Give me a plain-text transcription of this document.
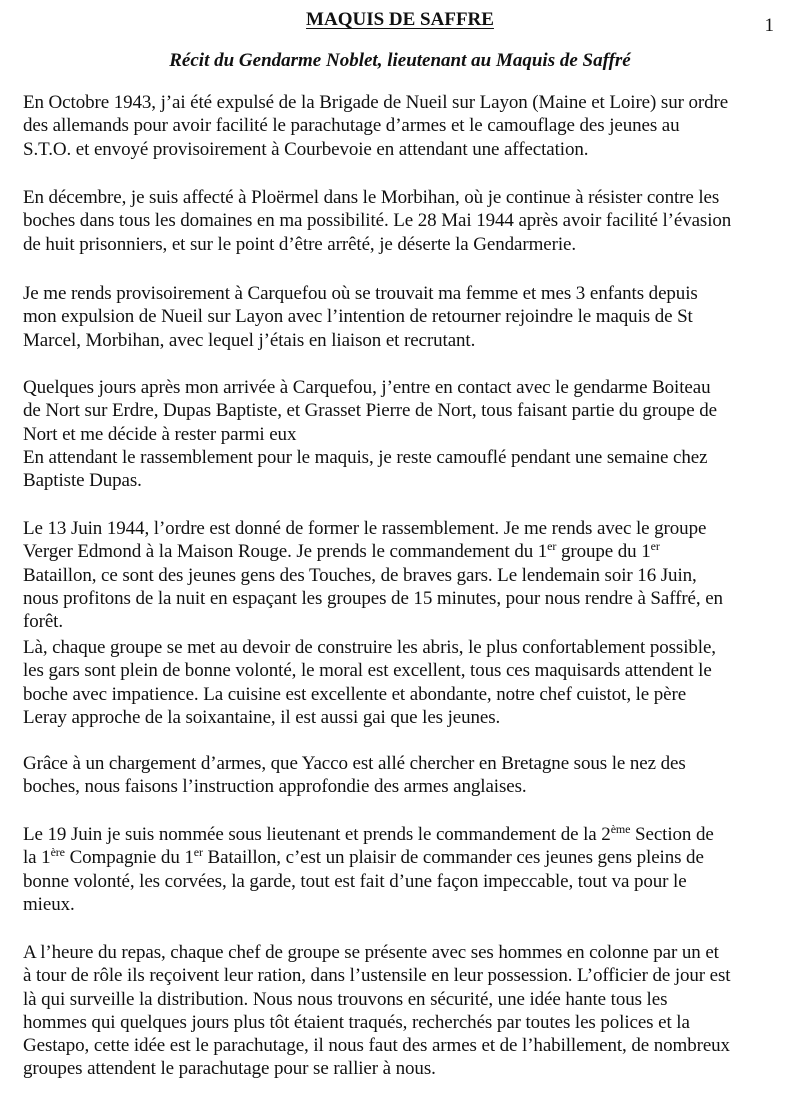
MAQUIS DE SAFFRE	1
Récit du Gendarme Noblet, lieutenant au Maquis de Saffré

En Octobre 1943, j’ai été expulsé de la Brigade de Nueil sur Layon (Maine et Loire) sur ordre
des allemands pour avoir facilité le parachutage d’armes et le camouflage des jeunes au
S.T.O. et envoyé provisoirement à Courbevoie en attendant une affectation.

En décembre, je suis affecté à Ploërmel dans le Morbihan, où je continue à résister contre les
boches dans tous les domaines en ma possibilité. Le 28 Mai 1944 après avoir facilité l’évasion
de huit prisonniers, et sur le point d’être arrêté, je déserte la Gendarmerie.

Je me rends provisoirement à Carquefou où se trouvait ma femme et mes 3 enfants depuis
mon expulsion de Nueil sur Layon avec l’intention de retourner rejoindre le maquis de St
Marcel, Morbihan, avec lequel j’étais en liaison et recrutant.

Quelques jours après mon arrivée à Carquefou, j’entre en contact avec le gendarme Boiteau
de Nort sur Erdre, Dupas Baptiste, et Grasset Pierre de Nort, tous faisant partie du groupe de
Nort et me décide à rester parmi eux
En attendant le rassemblement pour le maquis, je reste camouflé pendant une semaine chez
Baptiste Dupas.

Le 13 Juin 1944, l’ordre est donné de former le rassemblement. Je me rends avec le groupe
Verger Edmond à la Maison Rouge. Je prends le commandement du 1er groupe du 1er
Bataillon, ce sont des jeunes gens des Touches, de braves gars. Le lendemain soir 16 Juin,
nous profitons de la nuit en espaçant les groupes de 15 minutes, pour nous rendre à Saffré, en
forêt.

Là, chaque groupe se met au devoir de construire les abris, le plus confortablement possible,
les gars sont plein de bonne volonté, le moral est excellent, tous ces maquisards attendent le
boche avec impatience. La cuisine est excellente et abondante, notre chef cuistot, le père
Leray approche de la soixantaine, il est aussi gai que les jeunes.

Grâce à un chargement d’armes, que Yacco est allé chercher en Bretagne sous le nez des
boches, nous faisons l’instruction approfondie des armes anglaises.

Le 19 Juin je suis nommée sous lieutenant et prends le commandement de la 2ème Section de
la 1ère Compagnie du 1er Bataillon, c’est un plaisir de commander ces jeunes gens pleins de
bonne volonté, les corvées, la garde, tout est fait d’une façon impeccable, tout va pour le
mieux.

A l’heure du repas, chaque chef de groupe se présente avec ses hommes en colonne par un et
à tour de rôle ils reçoivent leur ration, dans l’ustensile en leur possession. L’officier de jour est
là qui surveille la distribution. Nous nous trouvons en sécurité, une idée hante tous les
hommes qui quelques jours plus tôt étaient traqués, recherchés par toutes les polices et la
Gestapo, cette idée est le parachutage, il nous faut des armes et de l’habillement, de nombreux
groupes attendent le parachutage pour se rallier à nous.
